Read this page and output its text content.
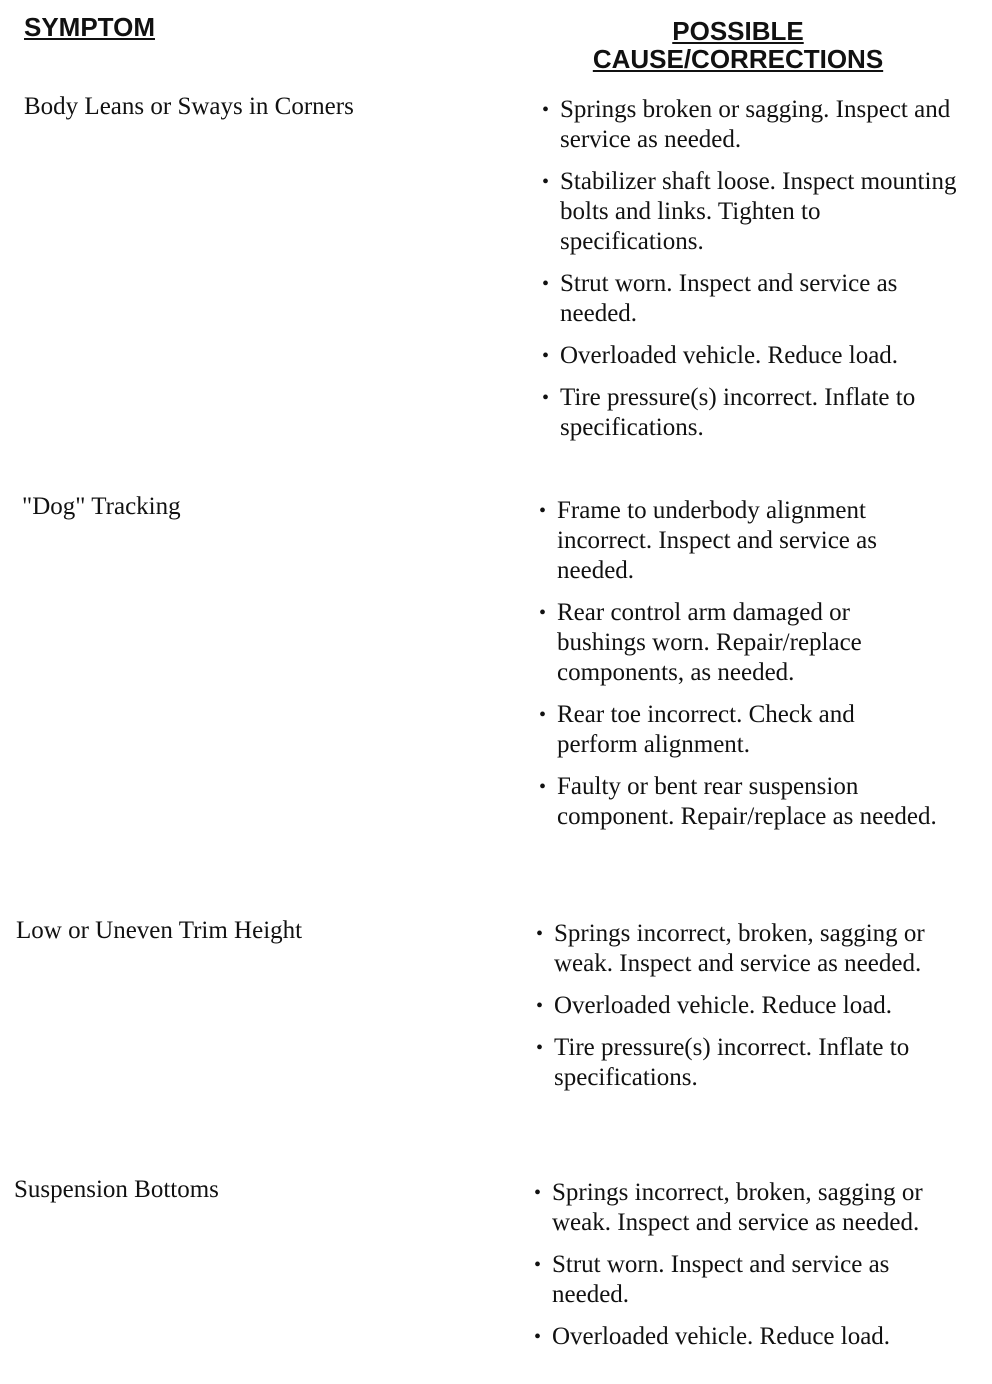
SYMPTOM	POSSIBLE
CAUSE/CORRECTIONS

Body Leans or Sways in Corners	• Springs broken or sagging. Inspect and service as needed.
• Stabilizer shaft loose. Inspect mounting bolts and links. Tighten to specifications.
• Strut worn. Inspect and service as needed.
• Overloaded vehicle. Reduce load.
• Tire pressure(s) incorrect. Inflate to specifications.

"Dog" Tracking	• Frame to underbody alignment incorrect. Inspect and service as needed.
• Rear control arm damaged or bushings worn. Repair/replace components, as needed.
• Rear toe incorrect. Check and perform alignment.
• Faulty or bent rear suspension component. Repair/replace as needed.

Low or Uneven Trim Height	• Springs incorrect, broken, sagging or weak. Inspect and service as needed.
• Overloaded vehicle. Reduce load.
• Tire pressure(s) incorrect. Inflate to specifications.

Suspension Bottoms	• Springs incorrect, broken, sagging or weak. Inspect and service as needed.
• Strut worn. Inspect and service as needed.
• Overloaded vehicle. Reduce load.
